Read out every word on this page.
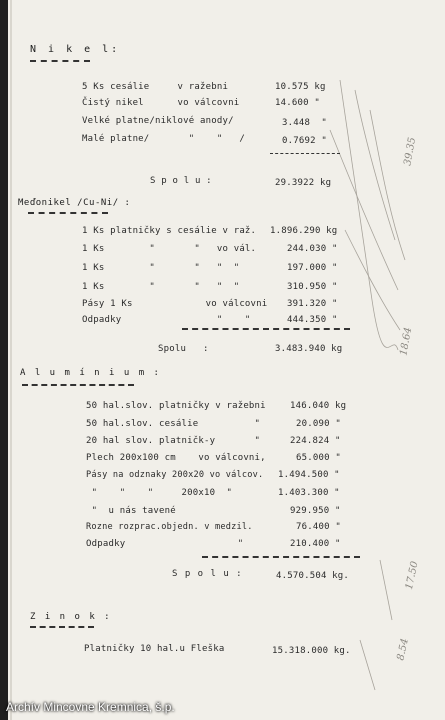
N i k e l:
5 Ks cesálie     v ražebni	10.575 kg
Čistý nikel      vo válcovni	14.600 "
Velké platne/niklové anody/	3.448  "
Malé platne/       "    "   /	0.7692 "
S p o l u :	29.3922 kg
Meďonikel /Cu-Ni/ :
1 Ks platničky s cesálie v raž. 1.896.290 kg
1 Ks        "       "   vo vál.	244.030 "
1 Ks        "       "   "  "	197.000 "
1 Ks        "       "   "  "	310.950 "
Pásy 1 Ks             vo válcovni 391.320 "
Odpadky                 "    "	444.350 "
Spolu   :	3.483.940 kg
A l u m í n i u m :
50 hal.slov. platničky v ražebni	146.040 kg
50 hal.slov. cesálie          "	20.090 "
20 hal slov. platničk-y       "	224.824 "
Plech 200x100 cm    vo válcovni,	65.000 "
Pásy na odznaky 200x20 vo válcov. 1.494.500 "
"    "    "     200x10  "	1.403.300 "
"  u nás tavené	929.950 "
Rozne rozprac.objedn. v medzil.	76.400 "
Odpadky                    "	210.400 "
S p o l u :	4.570.504 kg.
Z i n o k :
Platničky 10 hal.u Fleška	15.318.000 kg.
39.35
18.64
17.50
8.54
Archív Mincovne Kremnica, š.p.
